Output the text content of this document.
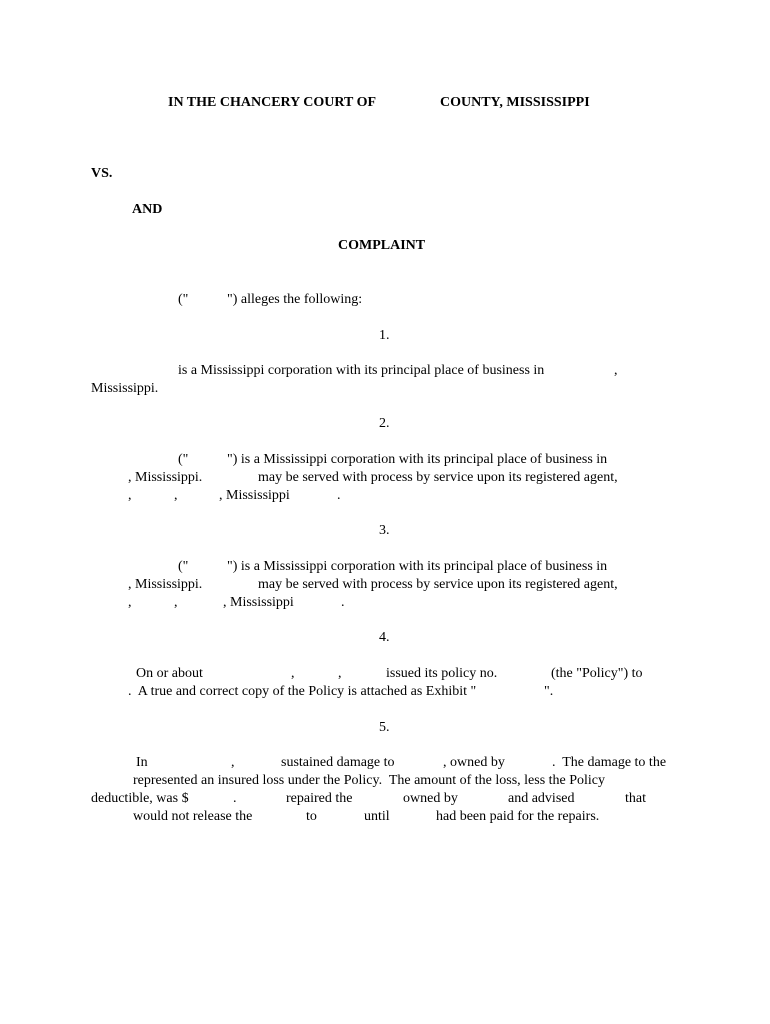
IN THE CHANCERY COURT OF	COUNTY, MISSISSIPPI
VS.
AND
COMPLAINT
("	") alleges the following:
1.
is a Mississippi corporation with its principal place of business in	,
Mississippi.
2.
("	") is a Mississippi corporation with its principal place of business in
, Mississippi.	may be served with process by service upon its registered agent,
,	,	, Mississippi	.
3.
("	") is a Mississippi corporation with its principal place of business in
, Mississippi.	may be served with process by service upon its registered agent,
,	,	, Mississippi	.
4.
On or about	,	,	issued its policy no.	(the "Policy") to
.  A true and correct copy of the Policy is attached as Exhibit "	".
5.
In	,	sustained damage to	, owned by	.  The damage to the
represented an insured loss under the Policy.  The amount of the loss, less the Policy
deductible, was $	.	repaired the	owned by	and advised	that
would not release the	to	until	had been paid for the repairs.
